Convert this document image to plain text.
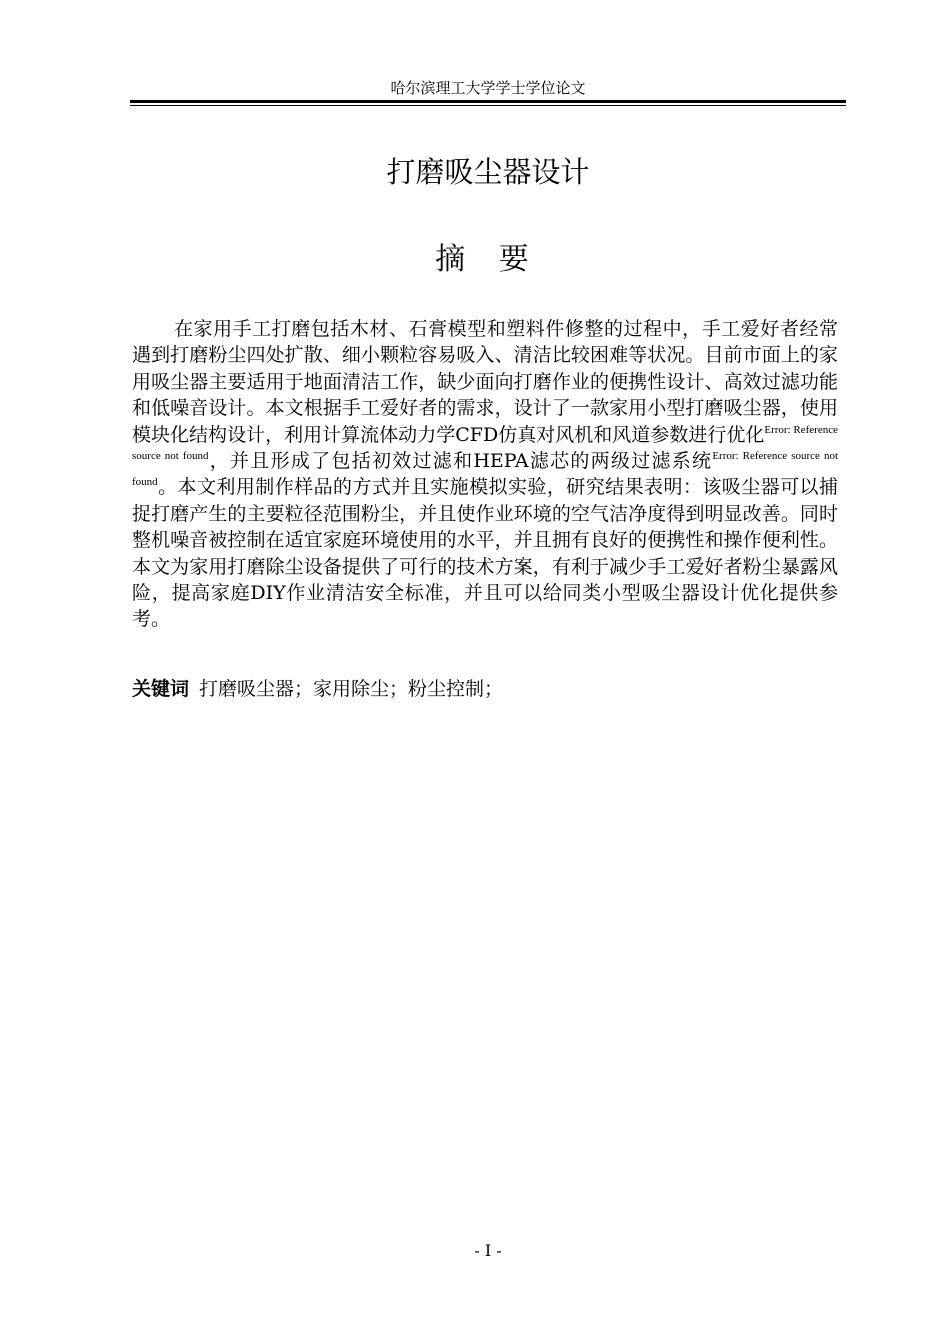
哈尔滨理工大学学士学位论文
打磨吸尘器设计
摘 要

在家用手工打磨包括木材、石膏模型和塑料件修整的过程中，手工爱好者经常遇到打磨粉尘四处扩散、细小颗粒容易吸入、清洁比较困难等状况。目前市面上的家用吸尘器主要适用于地面清洁工作，缺少面向打磨作业的便携性设计、高效过滤功能和低噪音设计。本文根据手工爱好者的需求，设计了一款家用小型打磨吸尘器，使用模块化结构设计，利用计算流体动力学CFD仿真对风机和风道参数进行优化$^{Error: Reference source not found}$，并且形成了包括初效过滤和HEPA滤芯的两级过滤系统$^{Error: Reference source not found}$。本文利用制作样品的方式并且实施模拟实验，研究结果表明：该吸尘器可以捕捉打磨产生的主要粒径范围粉尘，并且使作业环境的空气洁净度得到明显改善。同时整机噪音被控制在适宜家庭环境使用的水平，并且拥有良好的便携性和操作便利性。本文为家用打磨除尘设备提供了可行的技术方案，有利于减少手工爱好者粉尘暴露风险，提高家庭DIY作业清洁安全标准，并且可以给同类小型吸尘器设计优化提供参考。

关键词 打磨吸尘器；家用除尘；粉尘控制；

- I -
